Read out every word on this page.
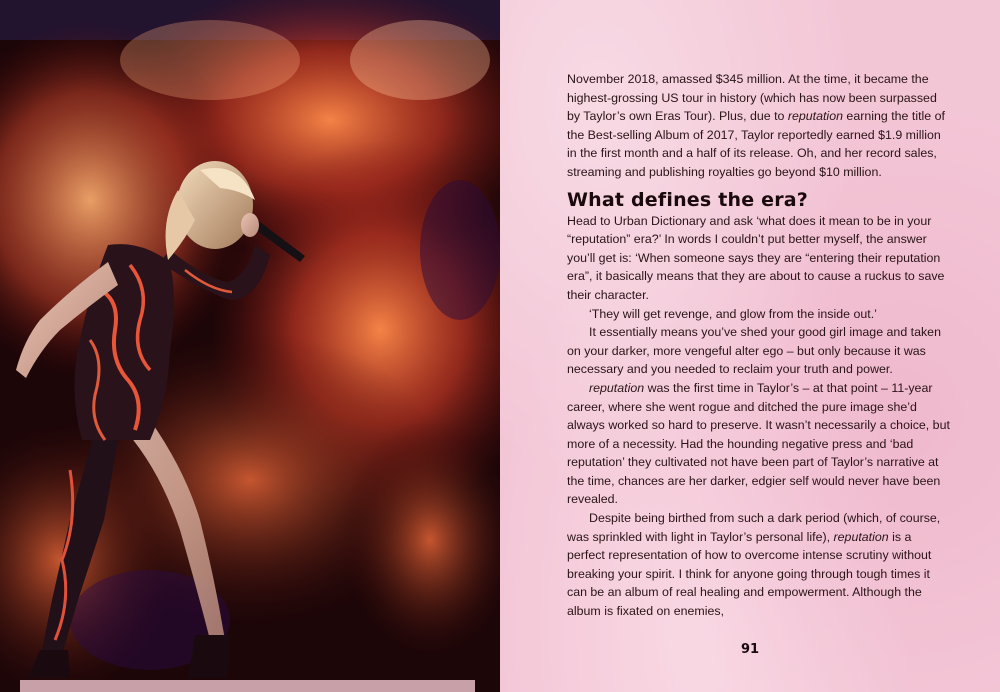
November 2018, amassed $345 million. At the time, it became the highest-grossing US tour in history (which has now been surpassed by Taylor’s own Eras Tour). Plus, due to reputation earning the title of the Best-selling Album of 2017, Taylor reportedly earned $1.9 million in the first month and a half of its release. Oh, and her record sales, streaming and publishing royalties go beyond $10 million.

What defines the era?

Head to Urban Dictionary and ask ‘what does it mean to be in your “reputation” era?’ In words I couldn’t put better myself, the answer you’ll get is: ‘When someone says they are “entering their reputation era”, it basically means that they are about to cause a ruckus to save their character.

‘They will get revenge, and glow from the inside out.’

It essentially means you’ve shed your good girl image and taken on your darker, more vengeful alter ego – but only because it was necessary and you needed to reclaim your truth and power.

reputation was the first time in Taylor’s – at that point – 11-year career, where she went rogue and ditched the pure image she’d always worked so hard to preserve. It wasn’t necessarily a choice, but more of a necessity. Had the hounding negative press and ‘bad reputation’ they cultivated not have been part of Taylor’s narrative at the time, chances are her darker, edgier self would never have been revealed.

Despite being birthed from such a dark period (which, of course, was sprinkled with light in Taylor’s personal life), reputation is a perfect representation of how to overcome intense scrutiny without breaking your spirit. I think for anyone going through tough times it can be an album of real healing and empowerment. Although the album is fixated on enemies,

91
